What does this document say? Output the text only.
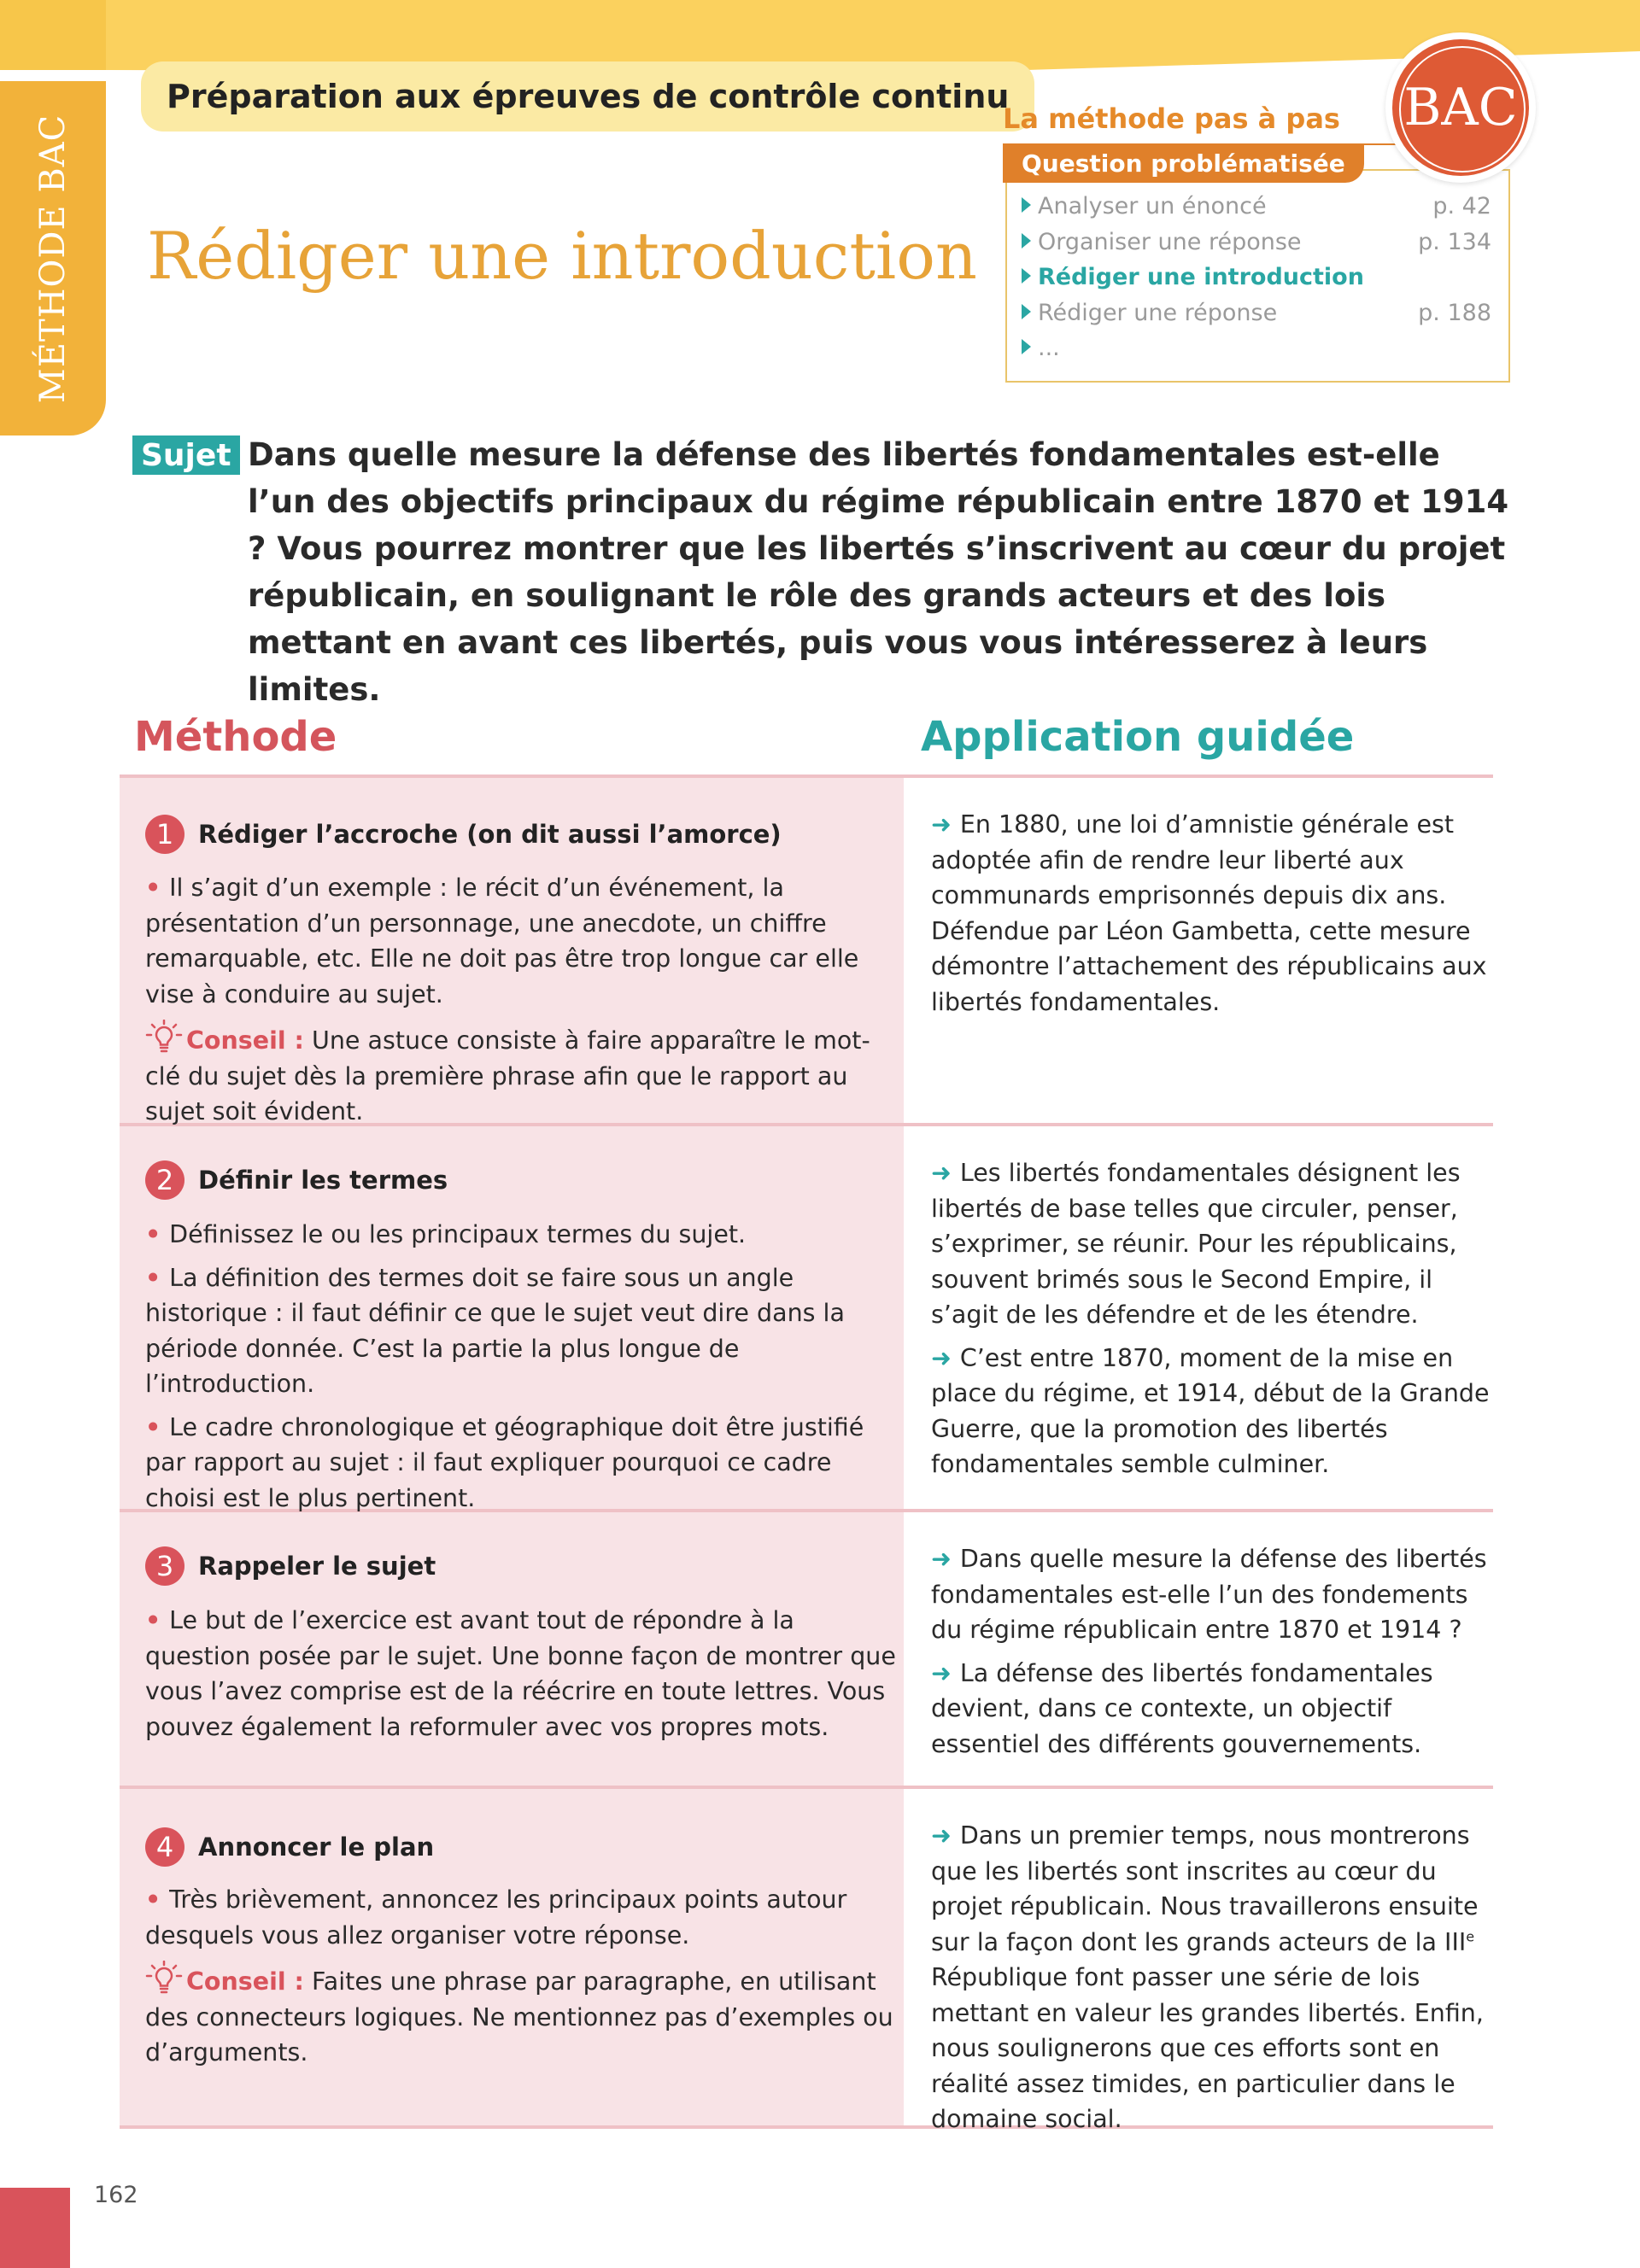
MÉTHODE BAC
Préparation aux épreuves de contrôle continu
Rédiger une introduction
La méthode pas à pas
Question problématisée
Analyser un énoncé	p. 42
Organiser une réponse	p. 134
Rédiger une introduction
Rédiger une réponse	p. 188
...
BAC
Sujet Dans quelle mesure la défense des libertés fondamentales est-elle l’un des objectifs principaux du régime républicain entre 1870 et 1914 ? Vous pourrez montrer que les libertés s’inscrivent au cœur du projet républicain, en soulignant le rôle des grands acteurs et des lois mettant en avant ces libertés, puis vous vous intéresserez à leurs limites.
Méthode	Application guidée
1 Rédiger l’accroche (on dit aussi l’amorce)

• Il s’agit d’un exemple : le récit d’un événement, la présentation d’un personnage, une anecdote, un chiffre remarquable, etc. Elle ne doit pas être trop longue car elle vise à conduire au sujet.

Conseil : Une astuce consiste à faire apparaître le mot-clé du sujet dès la première phrase afin que le rapport au sujet soit évident.

➜ En 1880, une loi d’amnistie générale est adoptée afin de rendre leur liberté aux communards emprisonnés depuis dix ans. Défendue par Léon Gambetta, cette mesure démontre l’attachement des républicains aux libertés fondamentales.

2 Définir les termes

• Définissez le ou les principaux termes du sujet.

• La définition des termes doit se faire sous un angle historique : il faut définir ce que le sujet veut dire dans la période donnée. C’est la partie la plus longue de l’introduction.

• Le cadre chronologique et géographique doit être justifié par rapport au sujet : il faut expliquer pourquoi ce cadre choisi est le plus pertinent.

➜ Les libertés fondamentales désignent les libertés de base telles que circuler, penser, s’exprimer, se réunir. Pour les républicains, souvent brimés sous le Second Empire, il s’agit de les défendre et de les étendre.

➜ C’est entre 1870, moment de la mise en place du régime, et 1914, début de la Grande Guerre, que la promotion des libertés fondamentales semble culminer.

3 Rappeler le sujet

• Le but de l’exercice est avant tout de répondre à la question posée par le sujet. Une bonne façon de montrer que vous l’avez comprise est de la réécrire en toute lettres. Vous pouvez également la reformuler avec vos propres mots.

➜ Dans quelle mesure la défense des libertés fondamentales est-elle l’un des fondements du régime républicain entre 1870 et 1914 ?

➜ La défense des libertés fondamentales devient, dans ce contexte, un objectif essentiel des différents gouvernements.

4 Annoncer le plan

• Très brièvement, annoncez les principaux points autour desquels vous allez organiser votre réponse.

Conseil : Faites une phrase par paragraphe, en utilisant des connecteurs logiques. Ne mentionnez pas d’exemples ou d’arguments.

➜ Dans un premier temps, nous montrerons que les libertés sont inscrites au cœur du projet républicain. Nous travaillerons ensuite sur la façon dont les grands acteurs de la IIIe République font passer une série de lois mettant en valeur les grandes libertés. Enfin, nous soulignerons que ces efforts sont en réalité assez timides, en particulier dans le domaine social.

162
